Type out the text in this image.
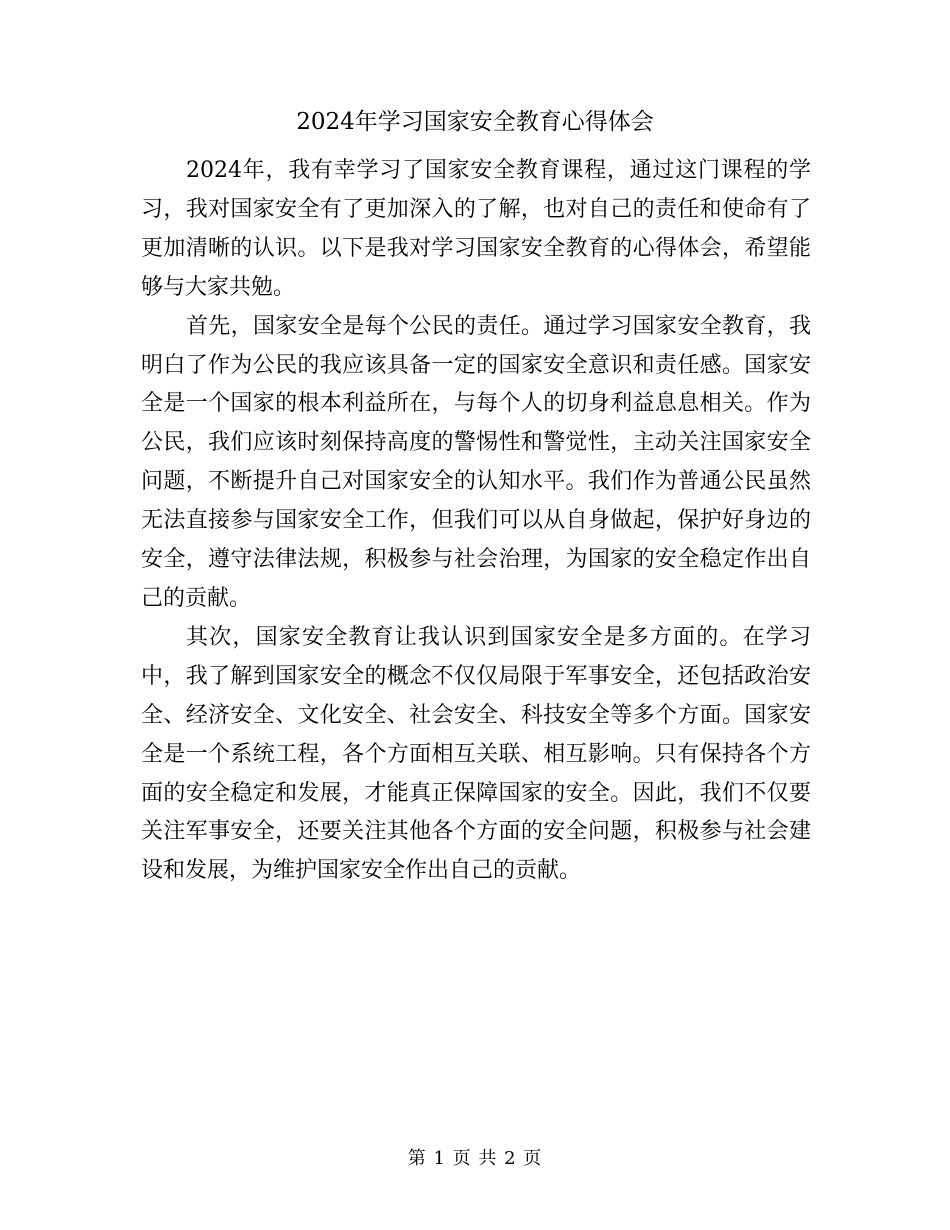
2024年学习国家安全教育心得体会

2024年，我有幸学习了国家安全教育课程，通过这门课程的学习，我对国家安全有了更加深入的了解，也对自己的责任和使命有了更加清晰的认识。以下是我对学习国家安全教育的心得体会，希望能够与大家共勉。

首先，国家安全是每个公民的责任。通过学习国家安全教育，我明白了作为公民的我应该具备一定的国家安全意识和责任感。国家安全是一个国家的根本利益所在，与每个人的切身利益息息相关。作为公民，我们应该时刻保持高度的警惕性和警觉性，主动关注国家安全问题，不断提升自己对国家安全的认知水平。我们作为普通公民虽然无法直接参与国家安全工作，但我们可以从自身做起，保护好身边的安全，遵守法律法规，积极参与社会治理，为国家的安全稳定作出自己的贡献。

其次，国家安全教育让我认识到国家安全是多方面的。在学习中，我了解到国家安全的概念不仅仅局限于军事安全，还包括政治安全、经济安全、文化安全、社会安全、科技安全等多个方面。国家安全是一个系统工程，各个方面相互关联、相互影响。只有保持各个方面的安全稳定和发展，才能真正保障国家的安全。因此，我们不仅要关注军事安全，还要关注其他各个方面的安全问题，积极参与社会建设和发展，为维护国家安全作出自己的贡献。

第 1 页 共 2 页
